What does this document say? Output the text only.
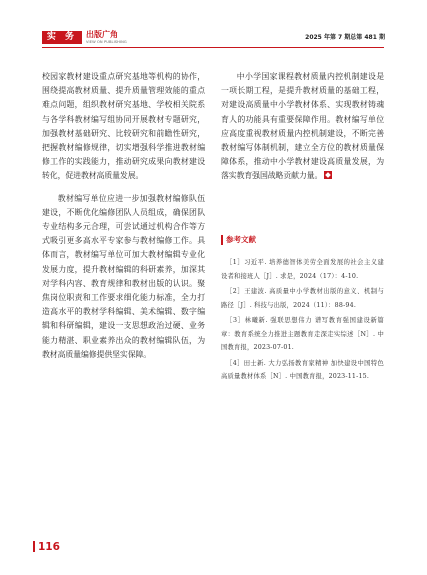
实 务	出版广角
VIEW ON PUBLISHING
2025 年第 7 期总第 481 期

校园家教材建设重点研究基地等机构的协作，围绕提高教材质量、提升质量管理效能的重点难点问题，组织教材研究基地、学校相关院系与各学科教材编写组协同开展教材专题研究，加强教材基础研究、比较研究和前瞻性研究，把握教材编修规律，切实增强科学推进教材编修工作的实践能力，推动研究成果向教材建设转化，促进教材高质量发展。

教材编写单位应进一步加强教材编修队伍建设，不断优化编修团队人员组成，确保团队专业结构多元合理，可尝试通过机构合作等方式吸引更多高水平专家参与教材编修工作。具体而言，教材编写单位可加大教材编辑专业化发展力度，提升教材编辑的科研素养，加深其对学科内容、教育规律和教材出版的认识。聚焦岗位职责和工作要求细化能力标准，全力打造高水平的教材学科编辑、美术编辑、数字编辑和科研编辑，建设一支思想政治过硬、业务能力精湛、职业素养出众的教材编辑队伍，为教材高质量编修提供坚实保障。

中小学国家课程教材质量内控机制建设是一项长期工程，是提升教材质量的基础工程，对建设高质量中小学教材体系、实现教材铸魂育人的功能具有重要保障作用。教材编写单位应高度重视教材质量内控机制建设，不断完善教材编写体制机制，建立全方位的教材质量保障体系，推动中小学教材建设高质量发展，为落实教育强国战略贡献力量。

参考文献
［1］习近平. 培养德智体美劳全面发展的社会主义建设者和接班人［J］. 求是，2024（17）：4-10.
［2］王建波. 高质量中小学教材出版的意义、机制与路径［J］. 科技与出版，2024（11）：88-94.
［3］林曦新. 强联思想伟力 谱写教育强国建设新篇章：教育系统全力推进主题教育走深走实综述［N］. 中国教育报，2023-07-01.
［4］田士新. 大力弘扬教育家精神 加快建设中国特色高质量教材体系［N］. 中国教育报，2023-11-15.
116
